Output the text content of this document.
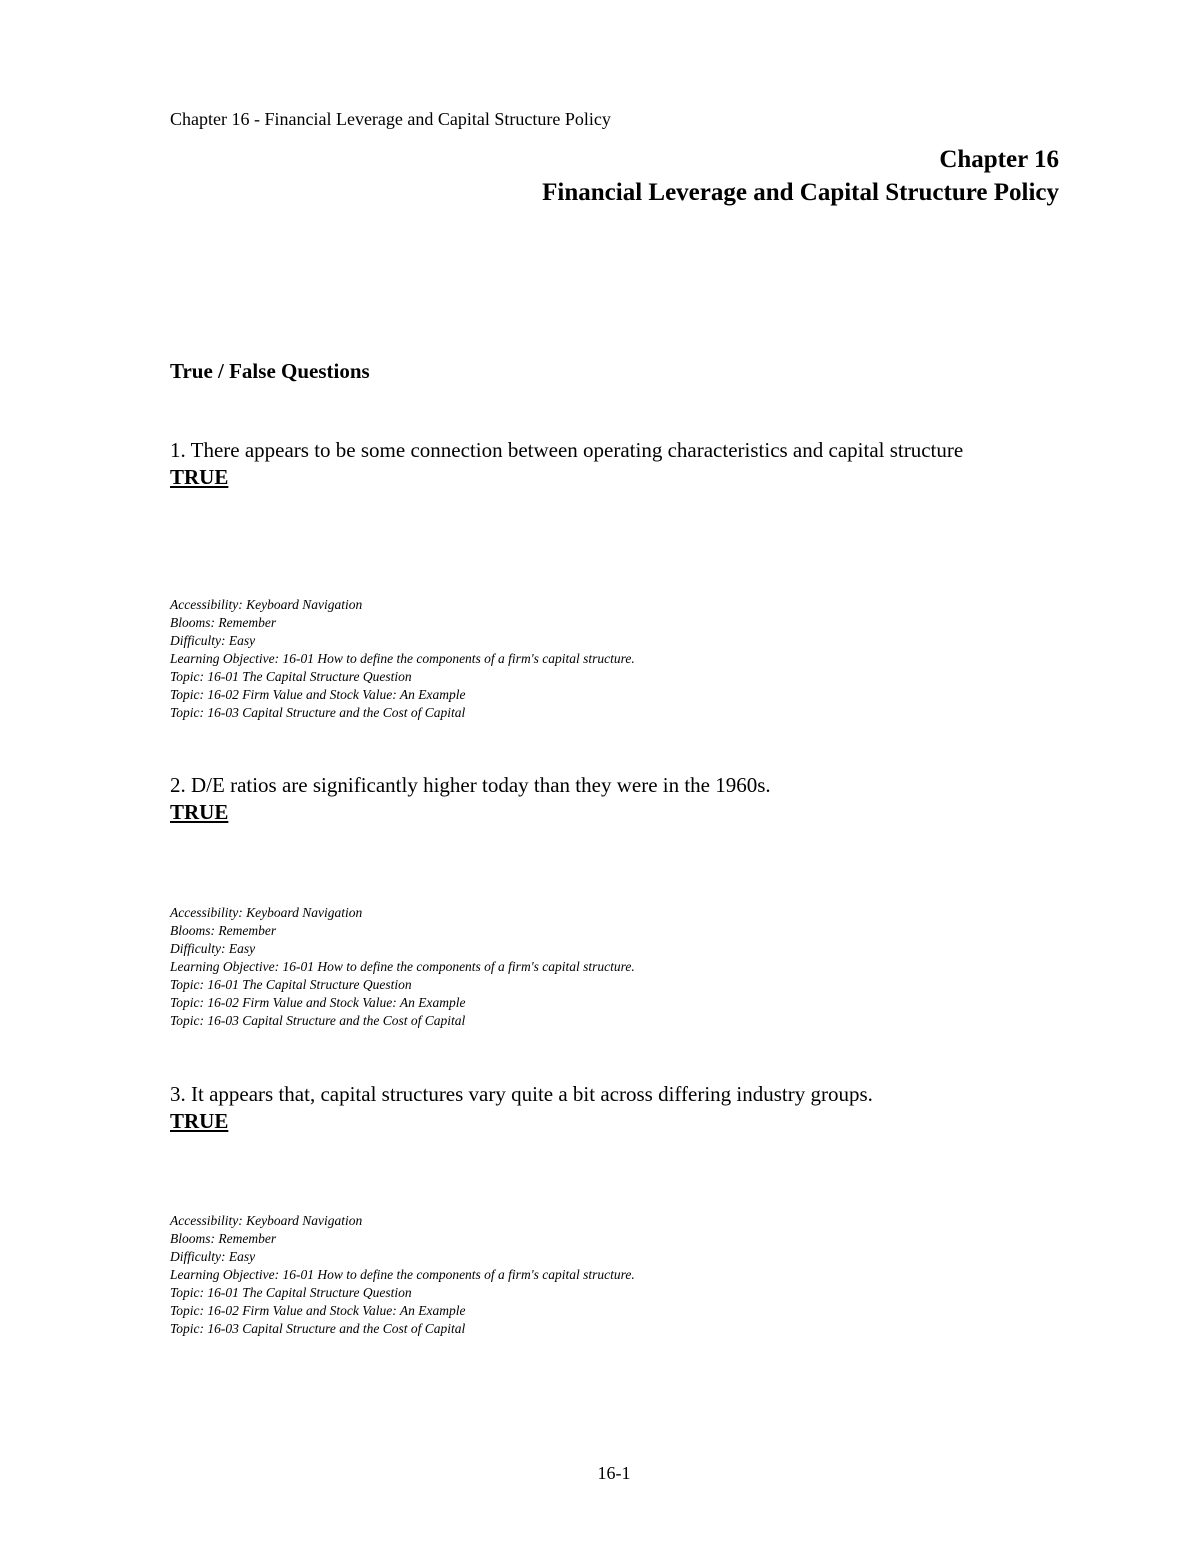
Chapter 16 - Financial Leverage and Capital Structure Policy
Chapter 16
Financial Leverage and Capital Structure Policy
True / False Questions
1. There appears to be some connection between operating characteristics and capital structure
TRUE
Accessibility: Keyboard Navigation
Blooms: Remember
Difficulty: Easy
Learning Objective: 16-01 How to define the components of a firm's capital structure.
Topic: 16-01 The Capital Structure Question
Topic: 16-02 Firm Value and Stock Value: An Example
Topic: 16-03 Capital Structure and the Cost of Capital
2. D/E ratios are significantly higher today than they were in the 1960s.
TRUE
Accessibility: Keyboard Navigation
Blooms: Remember
Difficulty: Easy
Learning Objective: 16-01 How to define the components of a firm's capital structure.
Topic: 16-01 The Capital Structure Question
Topic: 16-02 Firm Value and Stock Value: An Example
Topic: 16-03 Capital Structure and the Cost of Capital
3. It appears that, capital structures vary quite a bit across differing industry groups.
TRUE
Accessibility: Keyboard Navigation
Blooms: Remember
Difficulty: Easy
Learning Objective: 16-01 How to define the components of a firm's capital structure.
Topic: 16-01 The Capital Structure Question
Topic: 16-02 Firm Value and Stock Value: An Example
Topic: 16-03 Capital Structure and the Cost of Capital
16-1
